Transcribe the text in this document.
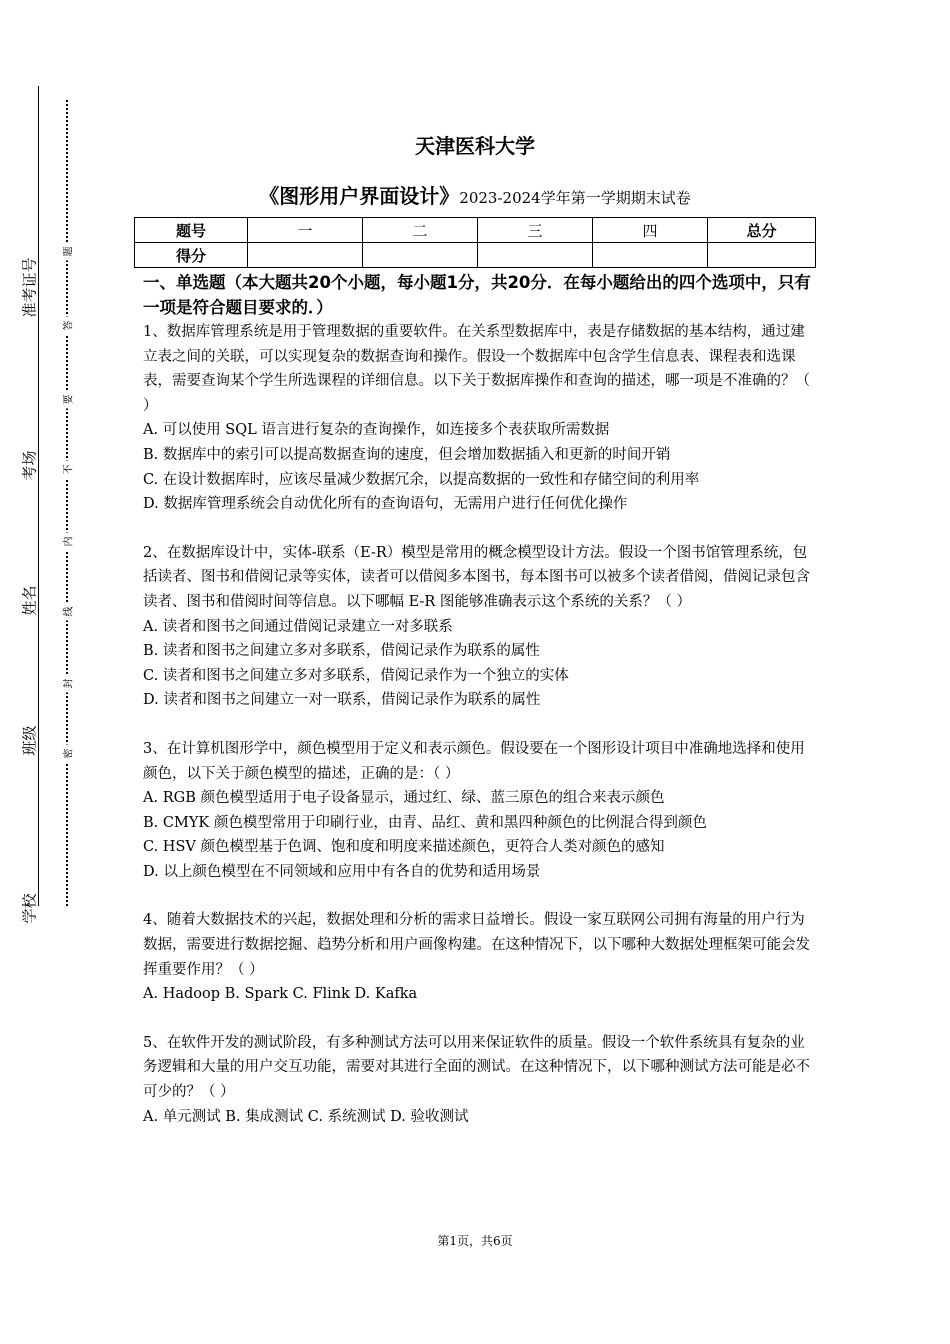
准考证号
考场
姓名
班级
学校
题
答
要
不
内
线
封
密
天津医科大学
《图形用户界面设计》2023-2024学年第一学期期末试卷
题号	一	二	三	四	总分
得分					

一、单选题（本大题共20个小题，每小题1分，共20分．在每小题给出的四个选项中，只有一项是符合题目要求的．）

1、数据库管理系统是用于管理数据的重要软件。在关系型数据库中，表是存储数据的基本结构，通过建立表之间的关联，可以实现复杂的数据查询和操作。假设一个数据库中包含学生信息表、课程表和选课表，需要查询某个学生所选课程的详细信息。以下关于数据库操作和查询的描述，哪一项是不准确的？（ ）

A. 可以使用 SQL 语言进行复杂的查询操作，如连接多个表获取所需数据

B. 数据库中的索引可以提高数据查询的速度，但会增加数据插入和更新的时间开销

C. 在设计数据库时，应该尽量减少数据冗余，以提高数据的一致性和存储空间的利用率

D. 数据库管理系统会自动优化所有的查询语句，无需用户进行任何优化操作

2、在数据库设计中，实体-联系（E-R）模型是常用的概念模型设计方法。假设一个图书馆管理系统，包括读者、图书和借阅记录等实体，读者可以借阅多本图书，每本图书可以被多个读者借阅，借阅记录包含读者、图书和借阅时间等信息。以下哪幅 E-R 图能够准确表示这个系统的关系？（ ）

A. 读者和图书之间通过借阅记录建立一对多联系

B. 读者和图书之间建立多对多联系，借阅记录作为联系的属性

C. 读者和图书之间建立多对多联系，借阅记录作为一个独立的实体

D. 读者和图书之间建立一对一联系，借阅记录作为联系的属性

3、在计算机图形学中，颜色模型用于定义和表示颜色。假设要在一个图形设计项目中准确地选择和使用颜色，以下关于颜色模型的描述，正确的是：（ ）

A. RGB 颜色模型适用于电子设备显示，通过红、绿、蓝三原色的组合来表示颜色

B. CMYK 颜色模型常用于印刷行业，由青、品红、黄和黑四种颜色的比例混合得到颜色

C. HSV 颜色模型基于色调、饱和度和明度来描述颜色，更符合人类对颜色的感知

D. 以上颜色模型在不同领域和应用中有各自的优势和适用场景

4、随着大数据技术的兴起，数据处理和分析的需求日益增长。假设一家互联网公司拥有海量的用户行为数据，需要进行数据挖掘、趋势分析和用户画像构建。在这种情况下，以下哪种大数据处理框架可能会发挥重要作用？（ ）

A. Hadoop B. Spark C. Flink D. Kafka

5、在软件开发的测试阶段，有多种测试方法可以用来保证软件的质量。假设一个软件系统具有复杂的业务逻辑和大量的用户交互功能，需要对其进行全面的测试。在这种情况下，以下哪种测试方法可能是必不可少的？（ ）

A. 单元测试 B. 集成测试 C. 系统测试 D. 验收测试

第1页，共6页
